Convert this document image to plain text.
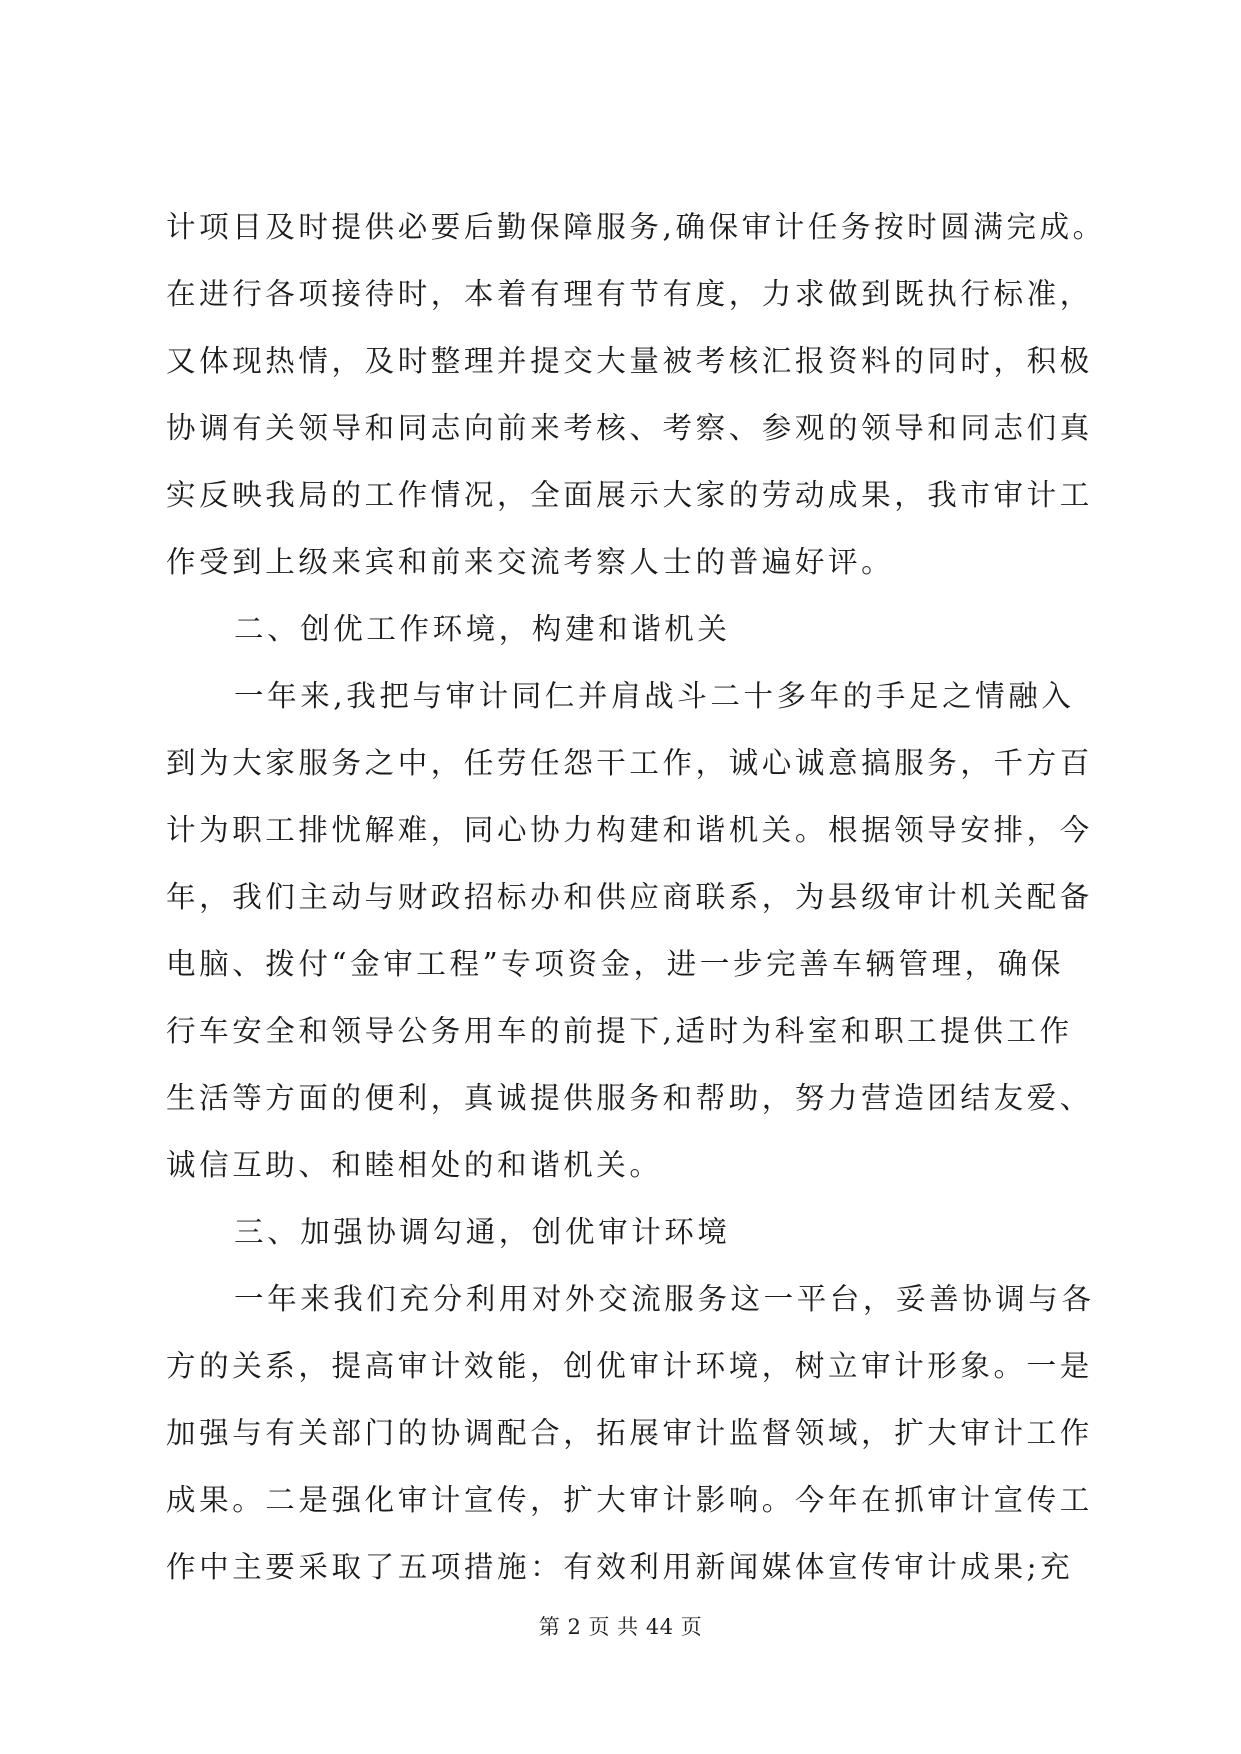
计项目及时提供必要后勤保障服务,确保审计任务按时圆满完成。
在进行各项接待时，本着有理有节有度，力求做到既执行标准，
又体现热情，及时整理并提交大量被考核汇报资料的同时，积极
协调有关领导和同志向前来考核、考察、参观的领导和同志们真
实反映我局的工作情况，全面展示大家的劳动成果，我市审计工
作受到上级来宾和前来交流考察人士的普遍好评。
二、创优工作环境，构建和谐机关
一年来,我把与审计同仁并肩战斗二十多年的手足之情融入
到为大家服务之中，任劳任怨干工作，诚心诚意搞服务，千方百
计为职工排忧解难，同心协力构建和谐机关。根据领导安排，今
年，我们主动与财政招标办和供应商联系，为县级审计机关配备
电脑、拨付“金审工程”专项资金，进一步完善车辆管理，确保
行车安全和领导公务用车的前提下,适时为科室和职工提供工作
生活等方面的便利，真诚提供服务和帮助，努力营造团结友爱、
诚信互助、和睦相处的和谐机关。
三、加强协调勾通，创优审计环境
一年来我们充分利用对外交流服务这一平台，妥善协调与各
方的关系，提高审计效能，创优审计环境，树立审计形象。一是
加强与有关部门的协调配合，拓展审计监督领域，扩大审计工作
成果。二是强化审计宣传，扩大审计影响。今年在抓审计宣传工
作中主要采取了五项措施：有效利用新闻媒体宣传审计成果;充
第 2 页 共 44 页
